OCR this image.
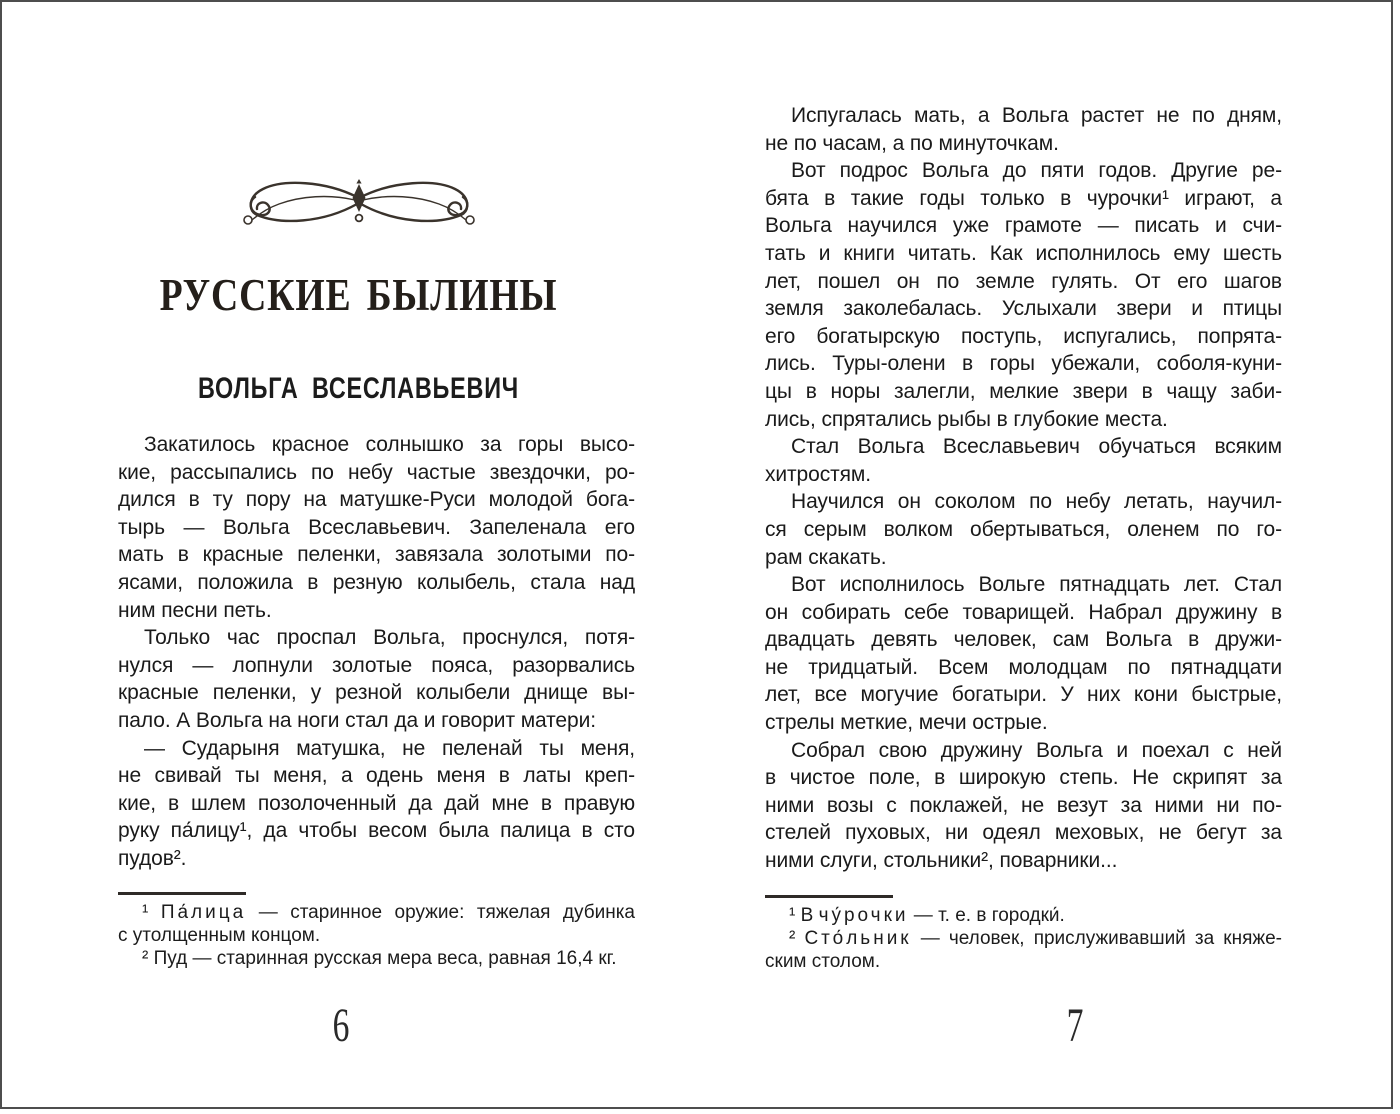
РУССКИЕ БЫЛИНЫ
ВОЛЬГА ВСЕСЛАВЬЕВИЧ
Закатилось красное солнышко за горы высо-
кие, рассыпались по небу частые звездочки, ро-
дился в ту пору на матушке-Руси молодой бога-
тырь — Вольга Всеславьевич. Запеленала его
мать в красные пеленки, завязала золотыми по-
ясами, положила в резную колыбель, стала над
ним песни петь.
Только час проспал Вольга, проснулся, потя-
нулся — лопнули золотые пояса, разорвались
красные пеленки, у резной колыбели днище вы-
пало. А Вольга на ноги стал да и говорит матери:
— Сударыня матушка, не пеленай ты меня,
не свивай ты меня, а одень меня в латы креп-
кие, в шлем позолоченный да дай мне в правую
руку па́лицу¹, да чтобы весом была палица в сто
пудов².
¹ Па́лица — старинное оружие: тяжелая дубинка
с утолщенным концом.
² Пуд — старинная русская мера веса, равная 16,4 кг.
Испугалась мать, а Вольга растет не по дням,
не по часам, а по минуточкам.
Вот подрос Вольга до пяти годов. Другие ре-
бята в такие годы только в чурочки¹ играют, а
Вольга научился уже грамоте — писать и счи-
тать и книги читать. Как исполнилось ему шесть
лет, пошел он по земле гулять. От его шагов
земля заколебалась. Услыхали звери и птицы
его богатырскую поступь, испугались, попрята-
лись. Туры-олени в горы убежали, соболя-куни-
цы в норы залегли, мелкие звери в чащу заби-
лись, спрятались рыбы в глубокие места.
Стал Вольга Всеславьевич обучаться всяким
хитростям.
Научился он соколом по небу летать, научил-
ся серым волком обертываться, оленем по го-
рам скакать.
Вот исполнилось Вольге пятнадцать лет. Стал
он собирать себе товарищей. Набрал дружину в
двадцать девять человек, сам Вольга в дружи-
не тридцатый. Всем молодцам по пятнадцати
лет, все могучие богатыри. У них кони быстрые,
стрелы меткие, мечи острые.
Собрал свою дружину Вольга и поехал с ней
в чистое поле, в широкую степь. Не скрипят за
ними возы с поклажей, не везут за ними ни по-
стелей пуховых, ни одеял меховых, не бегут за
ними слуги, стольники², поварники...
¹ В чу́рочки — т. е. в городки́.
² Сто́льник — человек, прислуживавший за княже-
ским столом.
6	7
